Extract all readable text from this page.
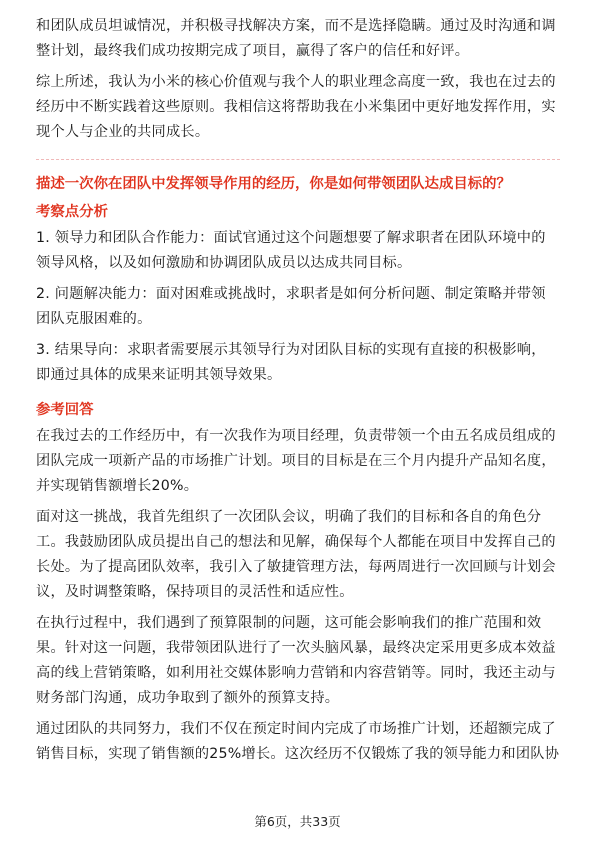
和团队成员坦诚情况，并积极寻找解决方案，而不是选择隐瞒。通过及时沟通和调整计划，最终我们成功按期完成了项目，赢得了客户的信任和好评。

综上所述，我认为小米的核心价值观与我个人的职业理念高度一致，我也在过去的经历中不断实践着这些原则。我相信这将帮助我在小米集团中更好地发挥作用，实现个人与企业的共同成长。

描述一次你在团队中发挥领导作用的经历，你是如何带领团队达成目标的？
考察点分析

1. 领导力和团队合作能力：面试官通过这个问题想要了解求职者在团队环境中的领导风格，以及如何激励和协调团队成员以达成共同目标。

2. 问题解决能力：面对困难或挑战时，求职者是如何分析问题、制定策略并带领团队克服困难的。

3. 结果导向：求职者需要展示其领导行为对团队目标的实现有直接的积极影响，即通过具体的成果来证明其领导效果。

参考回答

在我过去的工作经历中，有一次我作为项目经理，负责带领一个由五名成员组成的团队完成一项新产品的市场推广计划。项目的目标是在三个月内提升产品知名度，并实现销售额增长20%。

面对这一挑战，我首先组织了一次团队会议，明确了我们的目标和各自的角色分工。我鼓励团队成员提出自己的想法和见解，确保每个人都能在项目中发挥自己的长处。为了提高团队效率，我引入了敏捷管理方法，每两周进行一次回顾与计划会议，及时调整策略，保持项目的灵活性和适应性。

在执行过程中，我们遇到了预算限制的问题，这可能会影响我们的推广范围和效果。针对这一问题，我带领团队进行了一次头脑风暴，最终决定采用更多成本效益高的线上营销策略，如利用社交媒体影响力营销和内容营销等。同时，我还主动与财务部门沟通，成功争取到了额外的预算支持。

通过团队的共同努力，我们不仅在预定时间内完成了市场推广计划，还超额完成了销售目标，实现了销售额的25%增长。这次经历不仅锻炼了我的领导能力和团队协

第6页，共33页
